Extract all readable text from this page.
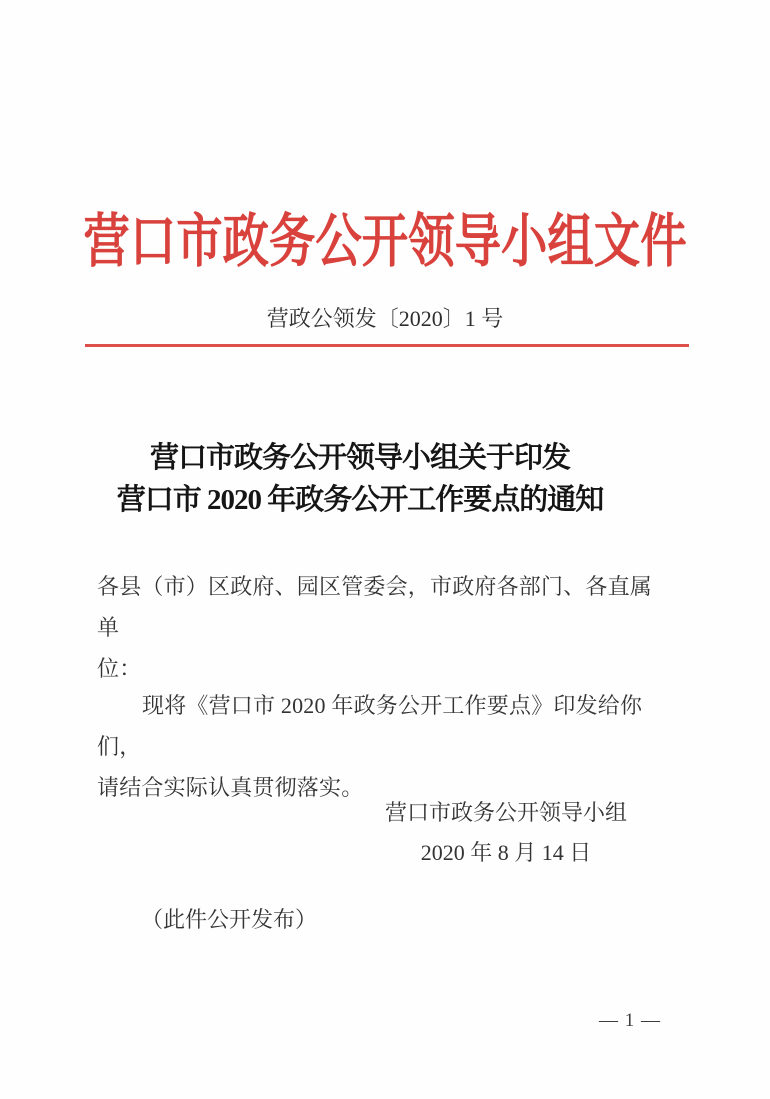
营口市政务公开领导小组文件
营政公领发〔2020〕1 号
营口市政务公开领导小组关于印发
营口市 2020 年政务公开工作要点的通知
各县（市）区政府、园区管委会，市政府各部门、各直属单
位：
现将《营口市 2020 年政务公开工作要点》印发给你们，
请结合实际认真贯彻落实。
营口市政务公开领导小组
2020 年 8 月 14 日
（此件公开发布）
— 1 —
